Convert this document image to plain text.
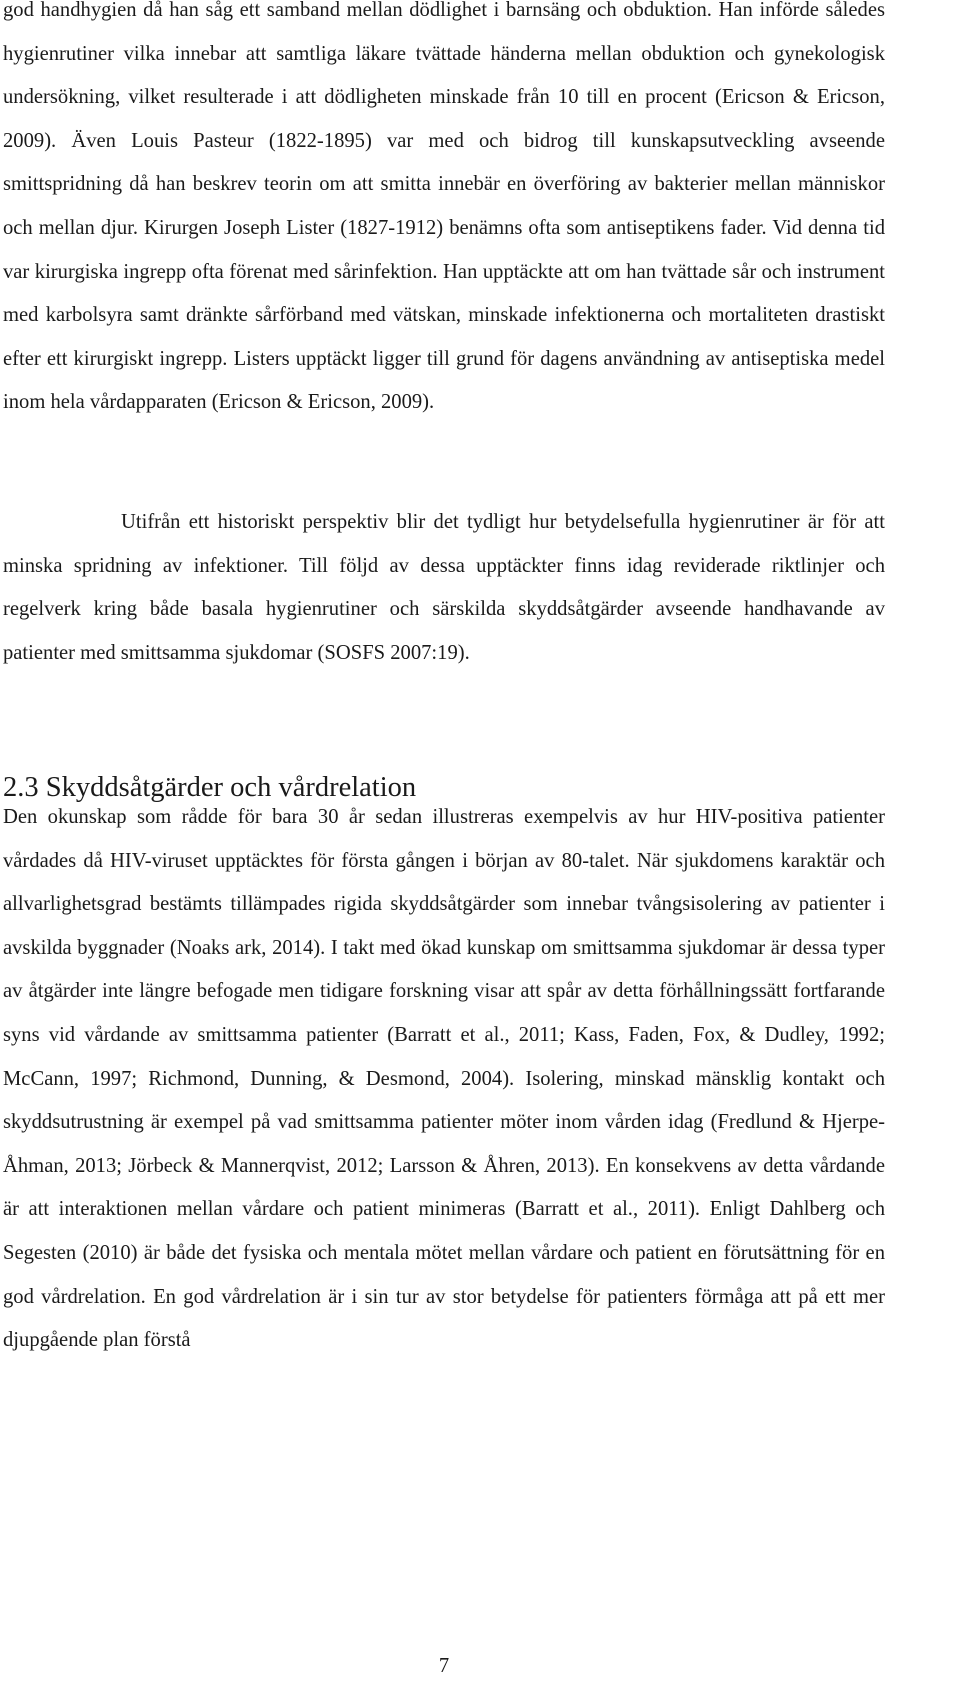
god handhygien då han såg ett samband mellan dödlighet i barnsäng och obduktion. Han införde således hygienrutiner vilka innebar att samtliga läkare tvättade händerna mellan obduktion och gynekologisk undersökning, vilket resulterade i att dödligheten minskade från 10 till en procent (Ericson & Ericson, 2009). Även Louis Pasteur (1822-1895) var med och bidrog till kunskapsutveckling avseende smittspridning då han beskrev teorin om att smitta innebär en överföring av bakterier mellan människor och mellan djur. Kirurgen Joseph Lister (1827-1912) benämns ofta som antiseptikens fader. Vid denna tid var kirurgiska ingrepp ofta förenat med sårinfektion. Han upptäckte att om han tvättade sår och instrument med karbolsyra samt dränkte sårförband med vätskan, minskade infektionerna och mortaliteten drastiskt efter ett kirurgiskt ingrepp. Listers upptäckt ligger till grund för dagens användning av antiseptiska medel inom hela vårdapparaten (Ericson & Ericson, 2009).

Utifrån ett historiskt perspektiv blir det tydligt hur betydelsefulla hygienrutiner är för att minska spridning av infektioner. Till följd av dessa upptäckter finns idag reviderade riktlinjer och regelverk kring både basala hygienrutiner och särskilda skyddsåtgärder avseende handhavande av patienter med smittsamma sjukdomar (SOSFS 2007:19).

2.3 Skyddsåtgärder och vårdrelation

Den okunskap som rådde för bara 30 år sedan illustreras exempelvis av hur HIV-positiva patienter vårdades då HIV-viruset upptäcktes för första gången i början av 80-talet. När sjukdomens karaktär och allvarlighetsgrad bestämts tillämpades rigida skyddsåtgärder som innebar tvångsisolering av patienter i avskilda byggnader (Noaks ark, 2014). I takt med ökad kunskap om smittsamma sjukdomar är dessa typer av åtgärder inte längre befogade men tidigare forskning visar att spår av detta förhållningssätt fortfarande syns vid vårdande av smittsamma patienter (Barratt et al., 2011; Kass, Faden, Fox, & Dudley, 1992; McCann, 1997; Richmond, Dunning, & Desmond, 2004). Isolering, minskad mänsklig kontakt och skyddsutrustning är exempel på vad smittsamma patienter möter inom vården idag (Fredlund & Hjerpe-Åhman, 2013; Jörbeck & Mannerqvist, 2012; Larsson & Åhren, 2013). En konsekvens av detta vårdande är att interaktionen mellan vårdare och patient minimeras (Barratt et al., 2011). Enligt Dahlberg och Segesten (2010) är både det fysiska och mentala mötet mellan vårdare och patient en förutsättning för en god vårdrelation. En god vårdrelation är i sin tur av stor betydelse för patienters förmåga att på ett mer djupgående plan förstå

7
